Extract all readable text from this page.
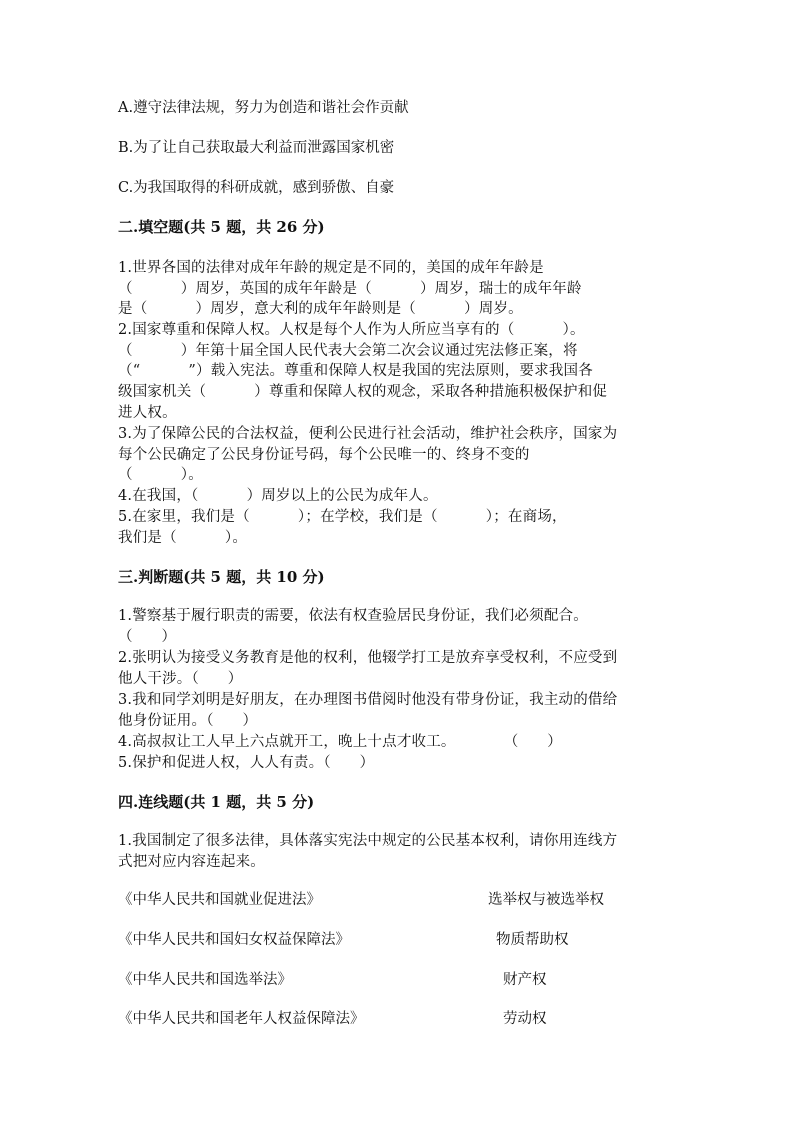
A.遵守法律法规，努力为创造和谐社会作贡献
B.为了让自己获取最大利益而泄露国家机密
C.为我国取得的科研成就，感到骄傲、自豪
二.填空题(共 5 题，共 26 分)
1.世界各国的法律对成年年龄的规定是不同的，美国的成年年龄是
（          ）周岁，英国的成年年龄是（          ）周岁，瑞士的成年年龄
是（          ）周岁，意大利的成年年龄则是（          ）周岁。
2.国家尊重和保障人权。人权是每个人作为人所应当享有的（          ）。
（          ）年第十届全国人民代表大会第二次会议通过宪法修正案，将
（“          ”）载入宪法。尊重和保障人权是我国的宪法原则，要求我国各
级国家机关（          ）尊重和保障人权的观念，采取各种措施积极保护和促
进人权。
3.为了保障公民的合法权益，便利公民进行社会活动，维护社会秩序，国家为
每个公民确定了公民身份证号码，每个公民唯一的、终身不变的
（          ）。
4.在我国，（          ）周岁以上的公民为成年人。
5.在家里，我们是（          ）；在学校，我们是（          ）；在商场，
我们是（          ）。
三.判断题(共 5 题，共 10 分)
1.警察基于履行职责的需要，依法有权查验居民身份证，我们必须配合。
（      ）
2.张明认为接受义务教育是他的权利，他辍学打工是放弃享受权利，不应受到
他人干涉。（      ）
3.我和同学刘明是好朋友，在办理图书借阅时他没有带身份证，我主动的借给
他身份证用。（      ）
4.高叔叔让工人早上六点就开工，晚上十点才收工。          （      ）
5.保护和促进人权，人人有责。（      ）
四.连线题(共 1 题，共 5 分)
1.我国制定了很多法律，具体落实宪法中规定的公民基本权利，请你用连线方
式把对应内容连起来。
《中华人民共和国就业促进法》	选举权与被选举权
《中华人民共和国妇女权益保障法》	物质帮助权
《中华人民共和国选举法》	财产权
《中华人民共和国老年人权益保障法》	劳动权
